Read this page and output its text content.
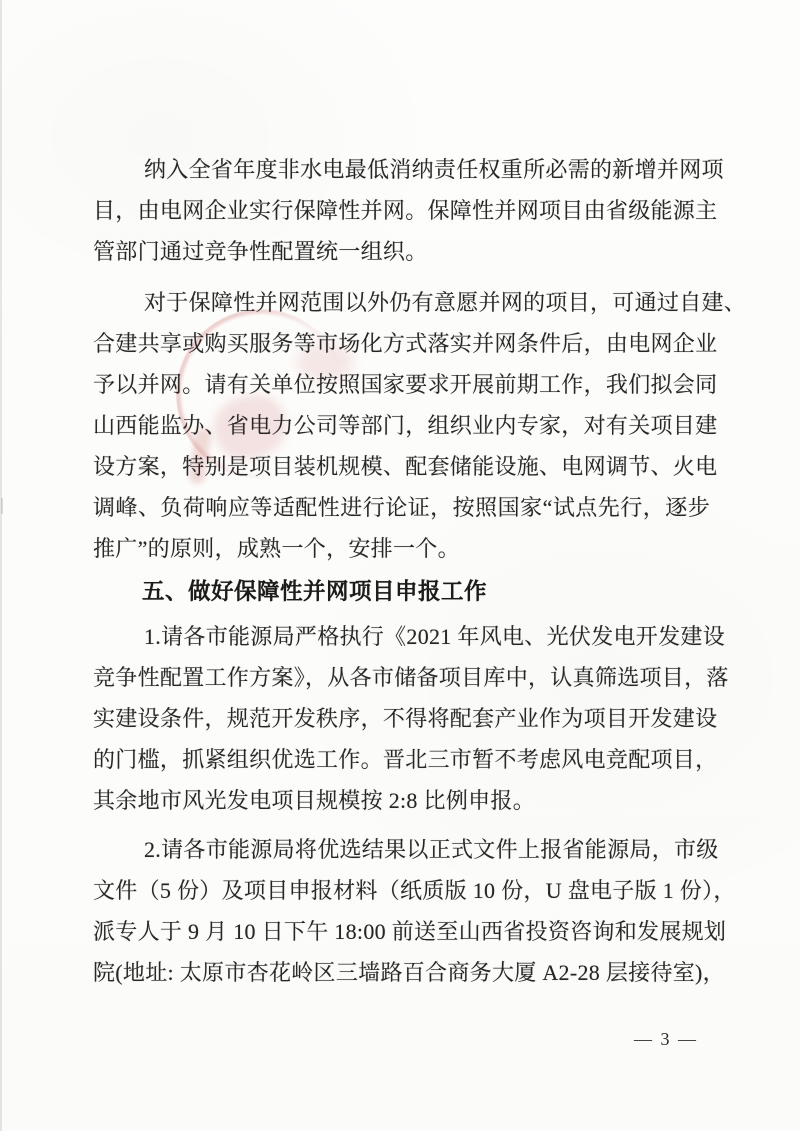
纳入全省年度非水电最低消纳责任权重所必需的新增并网项
目，由电网企业实行保障性并网。保障性并网项目由省级能源主
管部门通过竞争性配置统一组织。
对于保障性并网范围以外仍有意愿并网的项目，可通过自建、
合建共享或购买服务等市场化方式落实并网条件后，由电网企业
予以并网。请有关单位按照国家要求开展前期工作，我们拟会同
山西能监办、省电力公司等部门，组织业内专家，对有关项目建
设方案，特别是项目装机规模、配套储能设施、电网调节、火电
调峰、负荷响应等适配性进行论证，按照国家“试点先行，逐步
推广”的原则，成熟一个，安排一个。
五、做好保障性并网项目申报工作
1.请各市能源局严格执行《2021 年风电、光伏发电开发建设
竞争性配置工作方案》，从各市储备项目库中，认真筛选项目，落
实建设条件，规范开发秩序，不得将配套产业作为项目开发建设
的门槛，抓紧组织优选工作。晋北三市暂不考虑风电竞配项目，
其余地市风光发电项目规模按 2:8 比例申报。
2.请各市能源局将优选结果以正式文件上报省能源局，市级
文件（5 份）及项目申报材料（纸质版 10 份，U 盘电子版 1 份），
派专人于 9 月 10 日下午 18:00 前送至山西省投资咨询和发展规划
院(地址: 太原市杏花岭区三墙路百合商务大厦 A2-28 层接待室)，
— 3 —
